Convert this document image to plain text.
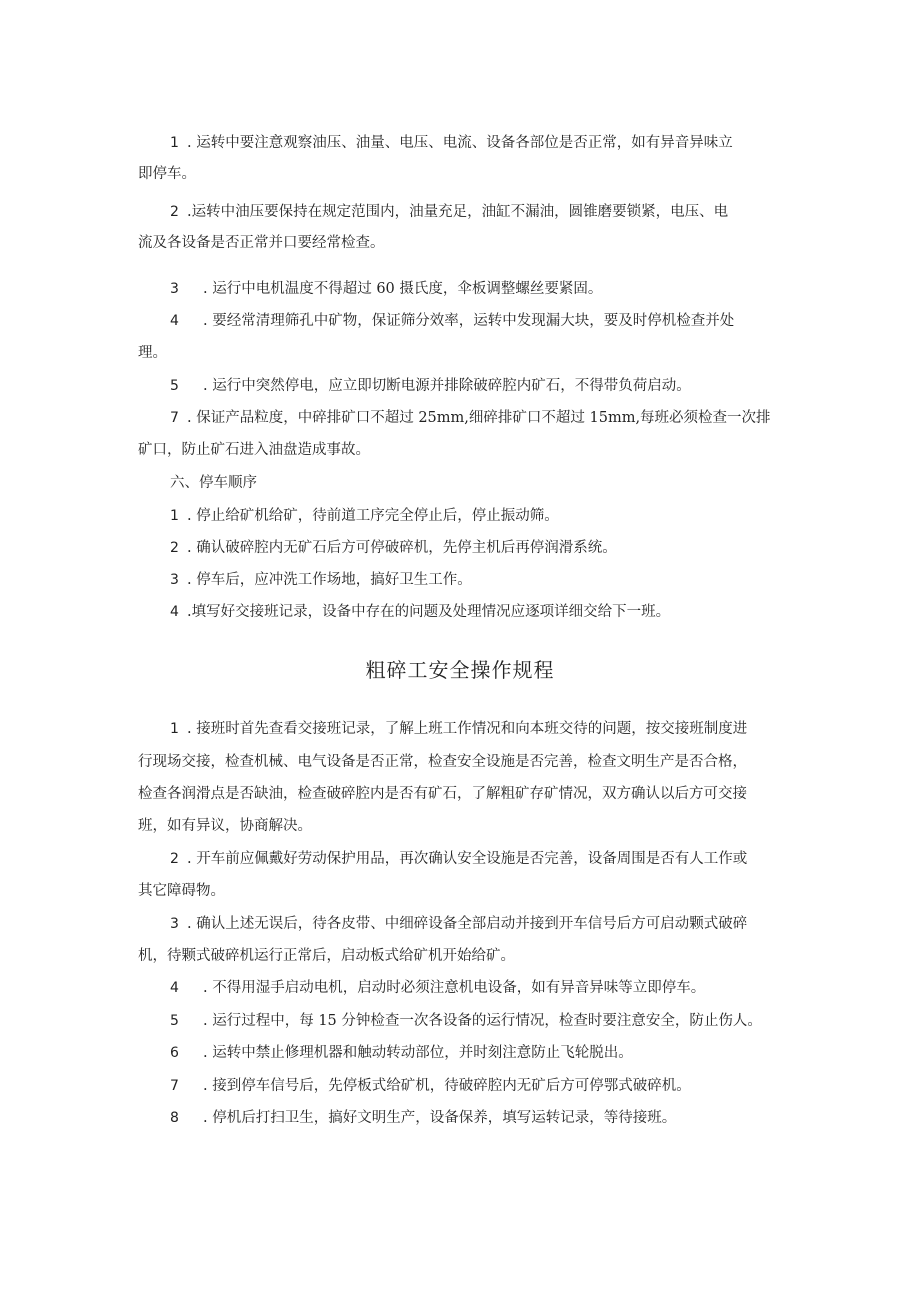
1 . 运转中要注意观察油压、油量、电压、电流、设备各部位是否正常，如有异音异味立
即停车。
2 .运转中油压要保持在规定范围内，油量充足，油缸不漏油，圆锥磨要锁紧，电压、电
流及各设备是否正常并口要经常检查。
3 . 运行中电机温度不得超过 60 摄氏度，伞板调整螺丝要紧固。
4 . 要经常清理筛孔中矿物，保证筛分效率，运转中发现漏大块，要及时停机检查并处
理。
5 . 运行中突然停电，应立即切断电源并排除破碎腔内矿石，不得带负荷启动。
7 . 保证产品粒度，中碎排矿口不超过 25mm,细碎排矿口不超过 15mm,每班必须检查一次排
矿口，防止矿石进入油盘造成事故。
六、停车顺序
1 . 停止给矿机给矿，待前道工序完全停止后，停止振动筛。
2 . 确认破碎腔内无矿石后方可停破碎机，先停主机后再停润滑系统。
3 . 停车后，应冲洗工作场地，搞好卫生工作。
4 .填写好交接班记录，设备中存在的问题及处理情况应逐项详细交给下一班。
粗碎工安全操作规程
1 . 接班时首先查看交接班记录，了解上班工作情况和向本班交待的问题，按交接班制度进
行现场交接，检查机械、电气设备是否正常，检查安全设施是否完善，检查文明生产是否合格，
检查各润滑点是否缺油，检查破碎腔内是否有矿石，了解粗矿存矿情况，双方确认以后方可交接
班，如有异议，协商解决。
2 . 开车前应佩戴好劳动保护用品，再次确认安全设施是否完善，设备周围是否有人工作或
其它障碍物。
3 . 确认上述无误后，待各皮带、中细碎设备全部启动并接到开车信号后方可启动颗式破碎
机，待颗式破碎机运行正常后，启动板式给矿机开始给矿。
4 . 不得用湿手启动电机，启动时必须注意机电设备，如有异音异味等立即停车。
5 . 运行过程中，每 15 分钟检查一次各设备的运行情况，检查时要注意安全，防止伤人。
6 . 运转中禁止修理机器和触动转动部位，并时刻注意防止飞轮脱出。
7 . 接到停车信号后，先停板式给矿机，待破碎腔内无矿后方可停鄂式破碎机。
8 . 停机后打扫卫生，搞好文明生产，设备保养，填写运转记录，等待接班。
